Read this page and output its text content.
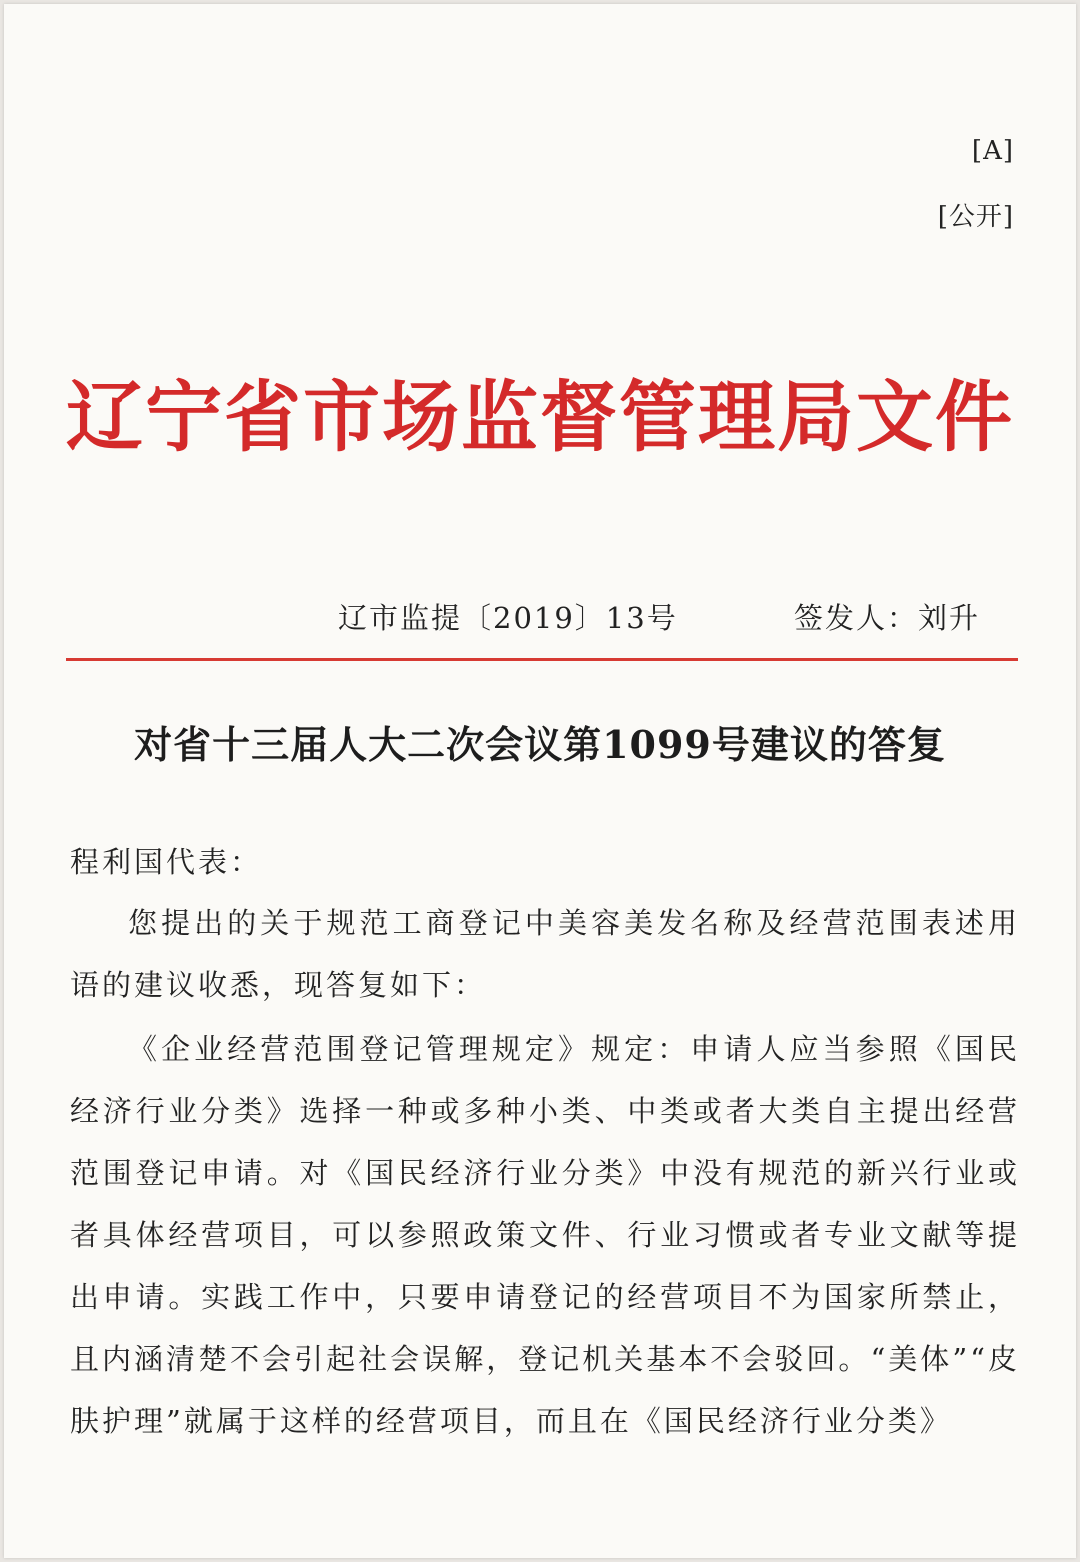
[A]
[公开]
辽宁省市场监督管理局文件
辽市监提〔2019〕13号	签发人：刘升
对省十三届人大二次会议第1099号建议的答复
程利国代表：
您提出的关于规范工商登记中美容美发名称及经营范围表述用语的建议收悉，现答复如下：
《企业经营范围登记管理规定》规定：申请人应当参照《国民经济行业分类》选择一种或多种小类、中类或者大类自主提出经营范围登记申请。对《国民经济行业分类》中没有规范的新兴行业或者具体经营项目，可以参照政策文件、行业习惯或者专业文献等提出申请。实践工作中，只要申请登记的经营项目不为国家所禁止，且内涵清楚不会引起社会误解，登记机关基本不会驳回。“美体”“皮肤护理”就属于这样的经营项目，而且在《国民经济行业分类》
